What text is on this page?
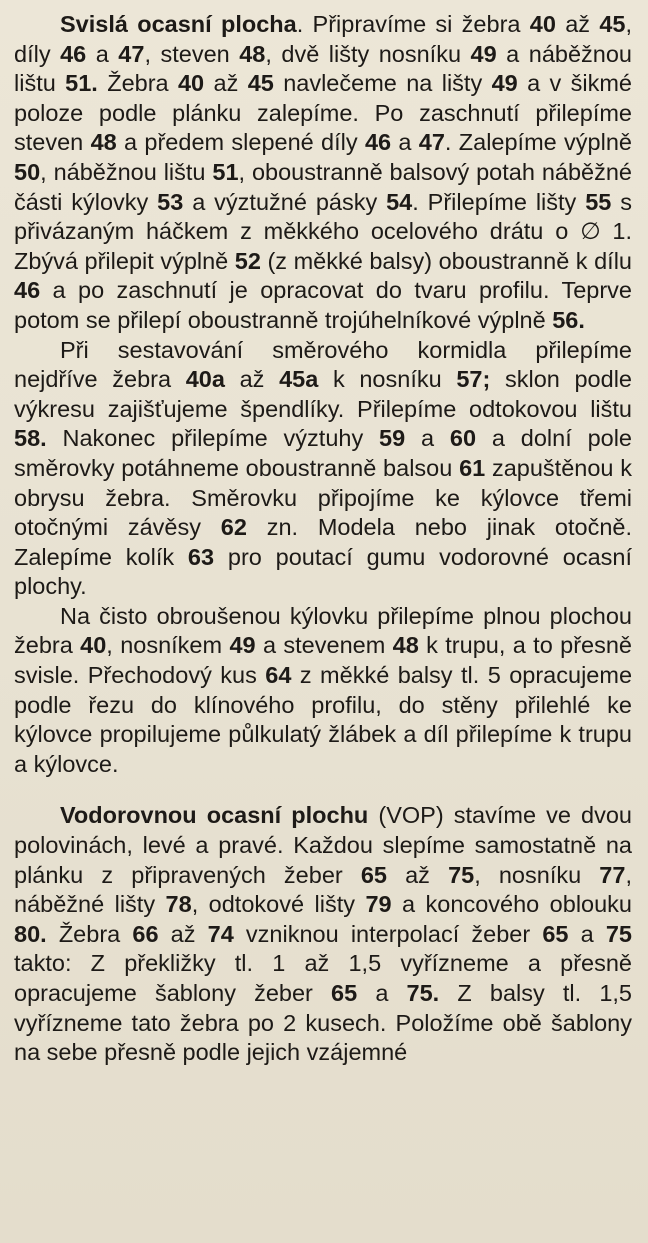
Svislá ocasní plocha. Připravíme si žebra 40 až 45, díly 46 a 47, steven 48, dvě lišty nosníku 49 a náběžnou lištu 51. Žebra 40 až 45 navlečeme na lišty 49 a v šikmé poloze podle plánku zalepíme. Po zaschnutí přilepíme steven 48 a předem slepené díly 46 a 47. Zalepíme výplně 50, náběžnou lištu 51, oboustranně balsový potah náběžné části kýlovky 53 a výztužné pásky 54. Přilepíme lišty 55 s přivázaným háčkem z měkkého ocelového drátu o ∅ 1. Zbývá přilepit výplně 52 (z měkké balsy) oboustranně k dílu 46 a po zaschnutí je opracovat do tvaru profilu. Teprve potom se přilepí oboustranně trojúhelníkové výplně 56.

Při sestavování směrového kormidla přilepíme nejdříve žebra 40a až 45a k nosníku 57; sklon podle výkresu zajišťujeme špendlíky. Přilepíme odtokovou lištu 58. Nakonec přilepíme výztuhy 59 a 60 a dolní pole směrovky potáhneme oboustranně balsou 61 zapuštěnou k obrysu žebra. Směrovku připojíme ke kýlovce třemi otočnými závěsy 62 zn. Modela nebo jinak otočně. Zalepíme kolík 63 pro poutací gumu vodorovné ocasní plochy.

Na čisto obroušenou kýlovku přilepíme plnou plochou žebra 40, nosníkem 49 a stevenem 48 k trupu, a to přesně svisle. Přechodový kus 64 z měkké balsy tl. 5 opracujeme podle řezu do klínového profilu, do stěny přilehlé ke kýlovce propilujeme půlkulatý žlábek a díl přilepíme k trupu a kýlovce.

Vodorovnou ocasní plochu (VOP) stavíme ve dvou polovinách, levé a pravé. Každou slepíme samostatně na plánku z připravených žeber 65 až 75, nosníku 77, náběžné lišty 78, odtokové lišty 79 a koncového oblouku 80. Žebra 66 až 74 vzniknou interpolací žeber 65 a 75 takto: Z překližky tl. 1 až 1,5 vyřízneme a přesně opracujeme šablony žeber 65 a 75. Z balsy tl. 1,5 vyřízneme tato žebra po 2 kusech. Položíme obě šablony na sebe přesně podle jejich vzájemné
